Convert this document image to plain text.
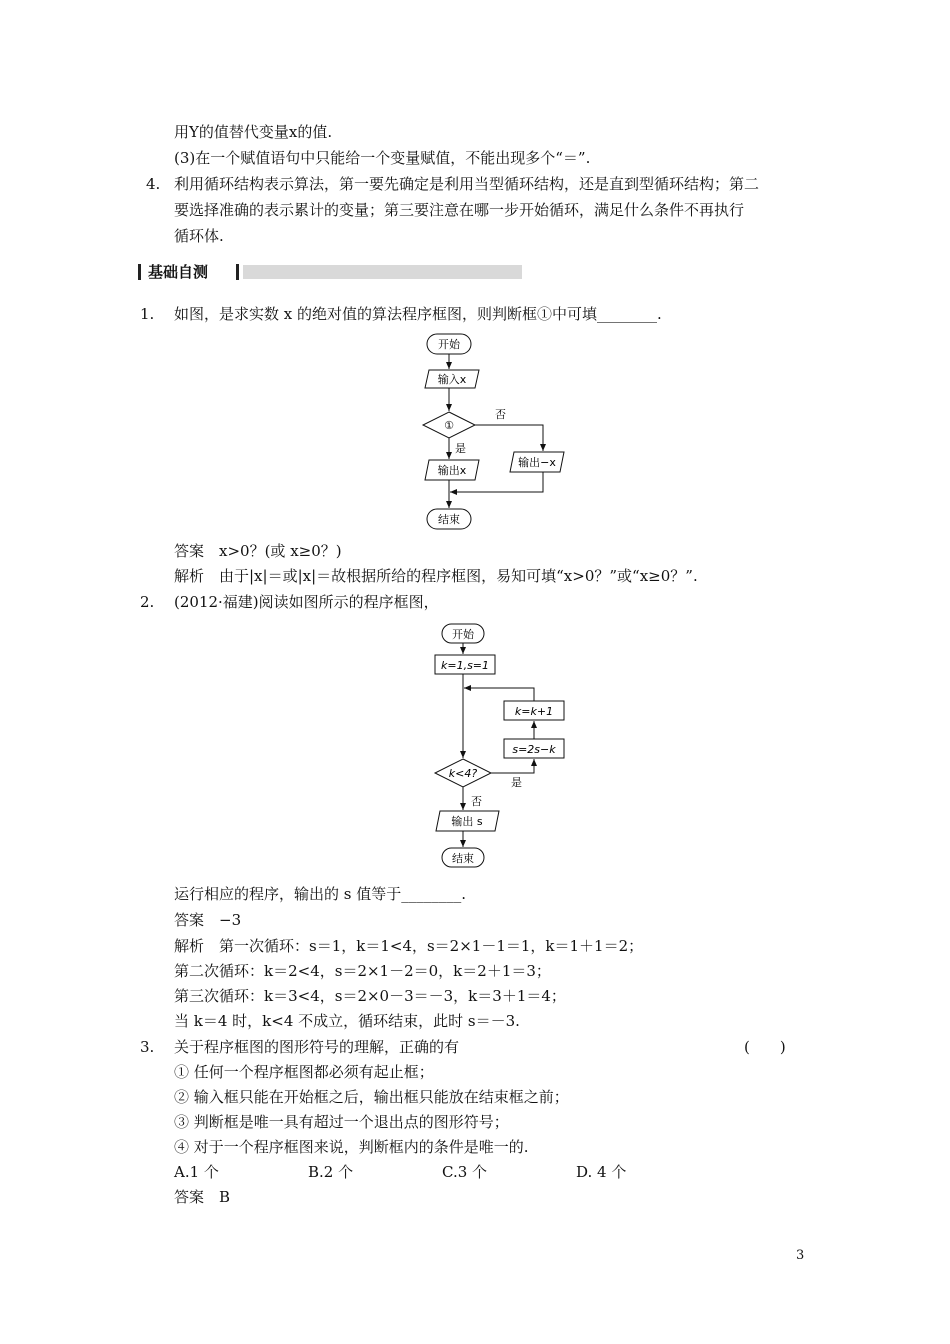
用Y的值替代变量x的值.
(3)在一个赋值语句中只能给一个变量赋值，不能出现多个“＝”.
4. 利用循环结构表示算法，第一要先确定是利用当型循环结构，还是直到型循环结构；第二
要选择准确的表示累计的变量；第三要注意在哪一步开始循环，满足什么条件不再执行
循环体.
基础自测
1. 如图，是求实数 x 的绝对值的算法程序框图，则判断框①中可填________.
开始
输入x
①
否
是
输出x
输出−x
结束
答案　x>0？(或 x≥0？)
解析　由于|x|＝或|x|＝故根据所给的程序框图，易知可填“x>0？”或“x≥0？”.
2. (2012·福建)阅读如图所示的程序框图，
开始
k=1,s=1
k=k+1
s=2s−k
k<4?
是
否
输出 s
结束
运行相应的程序，输出的 s 值等于________.
答案　−3
解析　第一次循环：s＝1，k＝1<4，s＝2×1－1＝1，k＝1＋1＝2；
第二次循环：k＝2<4，s＝2×1－2＝0，k＝2＋1＝3；
第三次循环：k＝3<4，s＝2×0－3＝－3，k＝3＋1＝4；
当 k＝4 时，k<4 不成立，循环结束，此时 s＝－3.
3. 关于程序框图的图形符号的理解，正确的有	(　　)
① 任何一个程序框图都必须有起止框；
② 输入框只能在开始框之后，输出框只能放在结束框之前；
③ 判断框是唯一具有超过一个退出点的图形符号；
④ 对于一个程序框图来说，判断框内的条件是唯一的.
A.1 个	B.2 个	C.3 个	D. 4 个
答案　B
3
